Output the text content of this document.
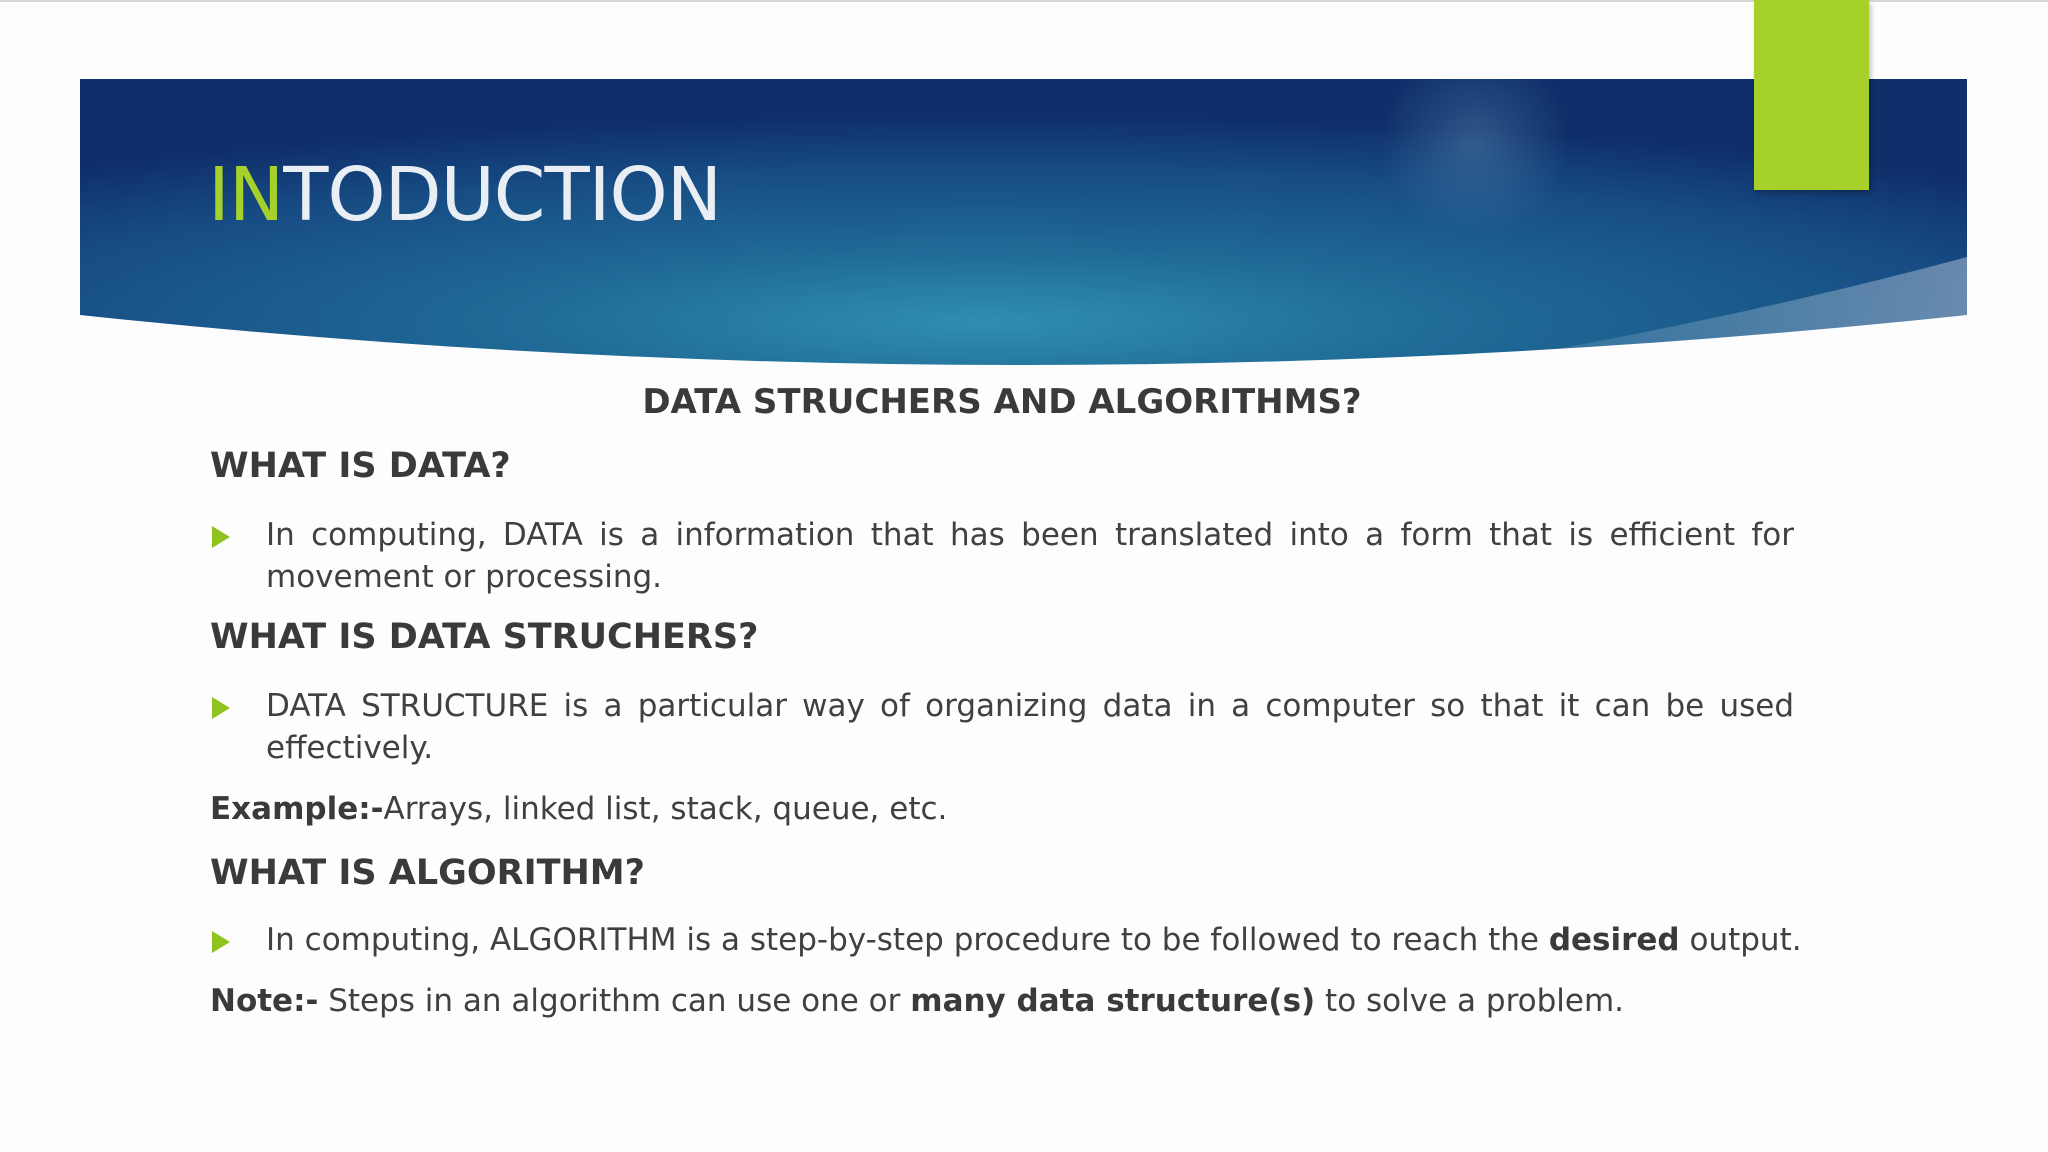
INTODUCTION
DATA STRUCHERS AND ALGORITHMS?
WHAT IS DATA?
In computing, DATA is a information that has been translated into a form that is efficient for movement or processing.
WHAT IS DATA STRUCHERS?
DATA STRUCTURE is a particular way of organizing data in a computer so that it can be used effectively.
Example:-Arrays, linked list, stack, queue, etc.
WHAT IS ALGORITHM?
In computing, ALGORITHM is a step-by-step procedure to be followed to reach the desired output.
Note:- Steps in an algorithm can use one or many data structure(s) to solve a problem.
